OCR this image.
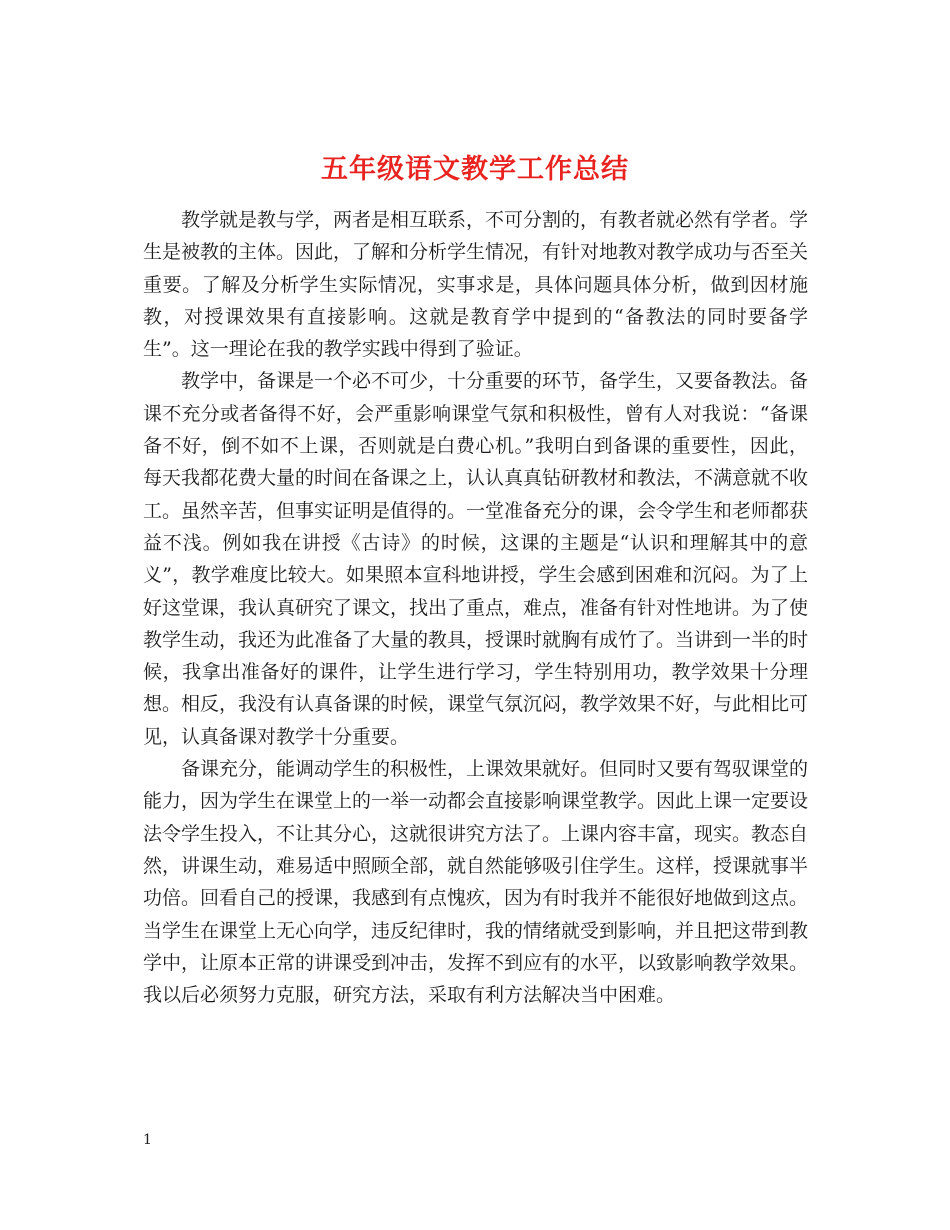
五年级语文教学工作总结

教学就是教与学，两者是相互联系，不可分割的，有教者就必然有学者。学生是被教的主体。因此，了解和分析学生情况，有针对地教对教学成功与否至关重要。了解及分析学生实际情况，实事求是，具体问题具体分析，做到因材施教，对授课效果有直接影响。这就是教育学中提到的“备教法的同时要备学生”。这一理论在我的教学实践中得到了验证。

教学中，备课是一个必不可少，十分重要的环节，备学生，又要备教法。备课不充分或者备得不好，会严重影响课堂气氛和积极性，曾有人对我说：“备课备不好，倒不如不上课，否则就是白费心机。”我明白到备课的重要性，因此，每天我都花费大量的时间在备课之上，认认真真钻研教材和教法，不满意就不收工。虽然辛苦，但事实证明是值得的。一堂准备充分的课，会令学生和老师都获益不浅。例如我在讲授《古诗》的时候，这课的主题是“认识和理解其中的意义”，教学难度比较大。如果照本宣科地讲授，学生会感到困难和沉闷。为了上好这堂课，我认真研究了课文，找出了重点，难点，准备有针对性地讲。为了使教学生动，我还为此准备了大量的教具，授课时就胸有成竹了。当讲到一半的时候，我拿出准备好的课件，让学生进行学习，学生特别用功，教学效果十分理想。相反，我没有认真备课的时候，课堂气氛沉闷，教学效果不好，与此相比可见，认真备课对教学十分重要。

备课充分，能调动学生的积极性，上课效果就好。但同时又要有驾驭课堂的能力，因为学生在课堂上的一举一动都会直接影响课堂教学。因此上课一定要设法令学生投入，不让其分心，这就很讲究方法了。上课内容丰富，现实。教态自然，讲课生动，难易适中照顾全部，就自然能够吸引住学生。这样，授课就事半功倍。回看自己的授课，我感到有点愧疚，因为有时我并不能很好地做到这点。当学生在课堂上无心向学，违反纪律时，我的情绪就受到影响，并且把这带到教学中，让原本正常的讲课受到冲击，发挥不到应有的水平，以致影响教学效果。我以后必须努力克服，研究方法，采取有利方法解决当中困难。

1
